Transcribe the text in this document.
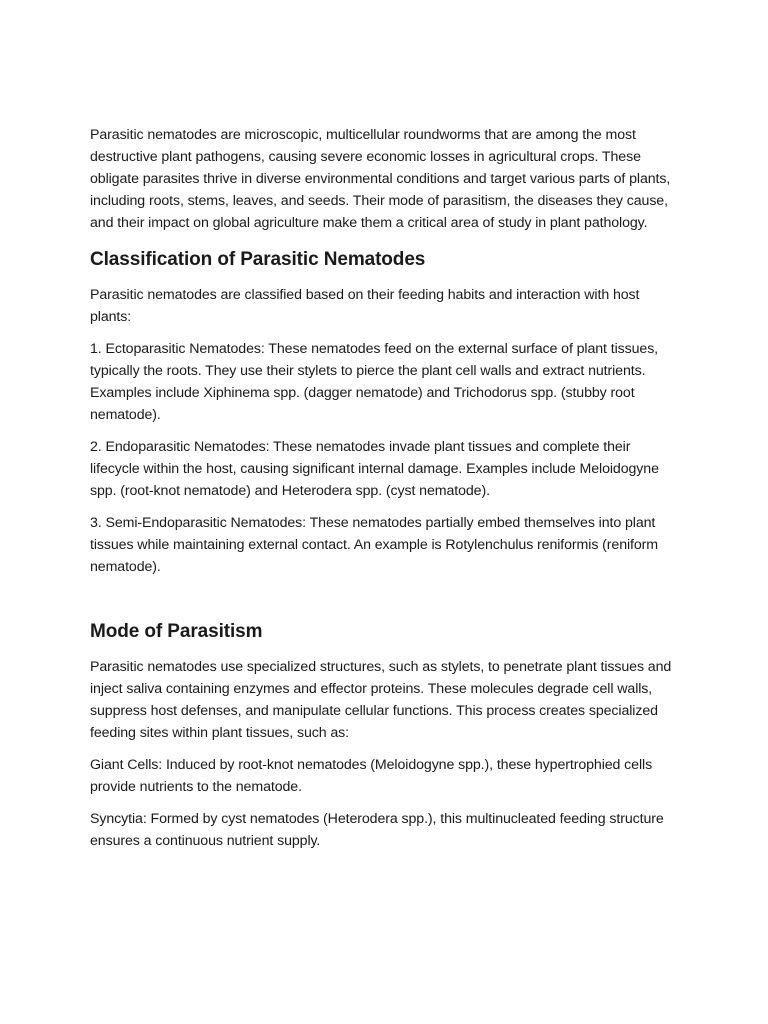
Parasitic nematodes are microscopic, multicellular roundworms that are among the most destructive plant pathogens, causing severe economic losses in agricultural crops. These obligate parasites thrive in diverse environmental conditions and target various parts of plants, including roots, stems, leaves, and seeds. Their mode of parasitism, the diseases they cause, and their impact on global agriculture make them a critical area of study in plant pathology.

Classification of Parasitic Nematodes

Parasitic nematodes are classified based on their feeding habits and interaction with host plants:

1. Ectoparasitic Nematodes: These nematodes feed on the external surface of plant tissues, typically the roots. They use their stylets to pierce the plant cell walls and extract nutrients. Examples include Xiphinema spp. (dagger nematode) and Trichodorus spp. (stubby root nematode).

2. Endoparasitic Nematodes: These nematodes invade plant tissues and complete their lifecycle within the host, causing significant internal damage. Examples include Meloidogyne spp. (root-knot nematode) and Heterodera spp. (cyst nematode).

3. Semi-Endoparasitic Nematodes: These nematodes partially embed themselves into plant tissues while maintaining external contact. An example is Rotylenchulus reniformis (reniform nematode).

Mode of Parasitism

Parasitic nematodes use specialized structures, such as stylets, to penetrate plant tissues and inject saliva containing enzymes and effector proteins. These molecules degrade cell walls, suppress host defenses, and manipulate cellular functions. This process creates specialized feeding sites within plant tissues, such as:

Giant Cells: Induced by root-knot nematodes (Meloidogyne spp.), these hypertrophied cells provide nutrients to the nematode.

Syncytia: Formed by cyst nematodes (Heterodera spp.), this multinucleated feeding structure ensures a continuous nutrient supply.
